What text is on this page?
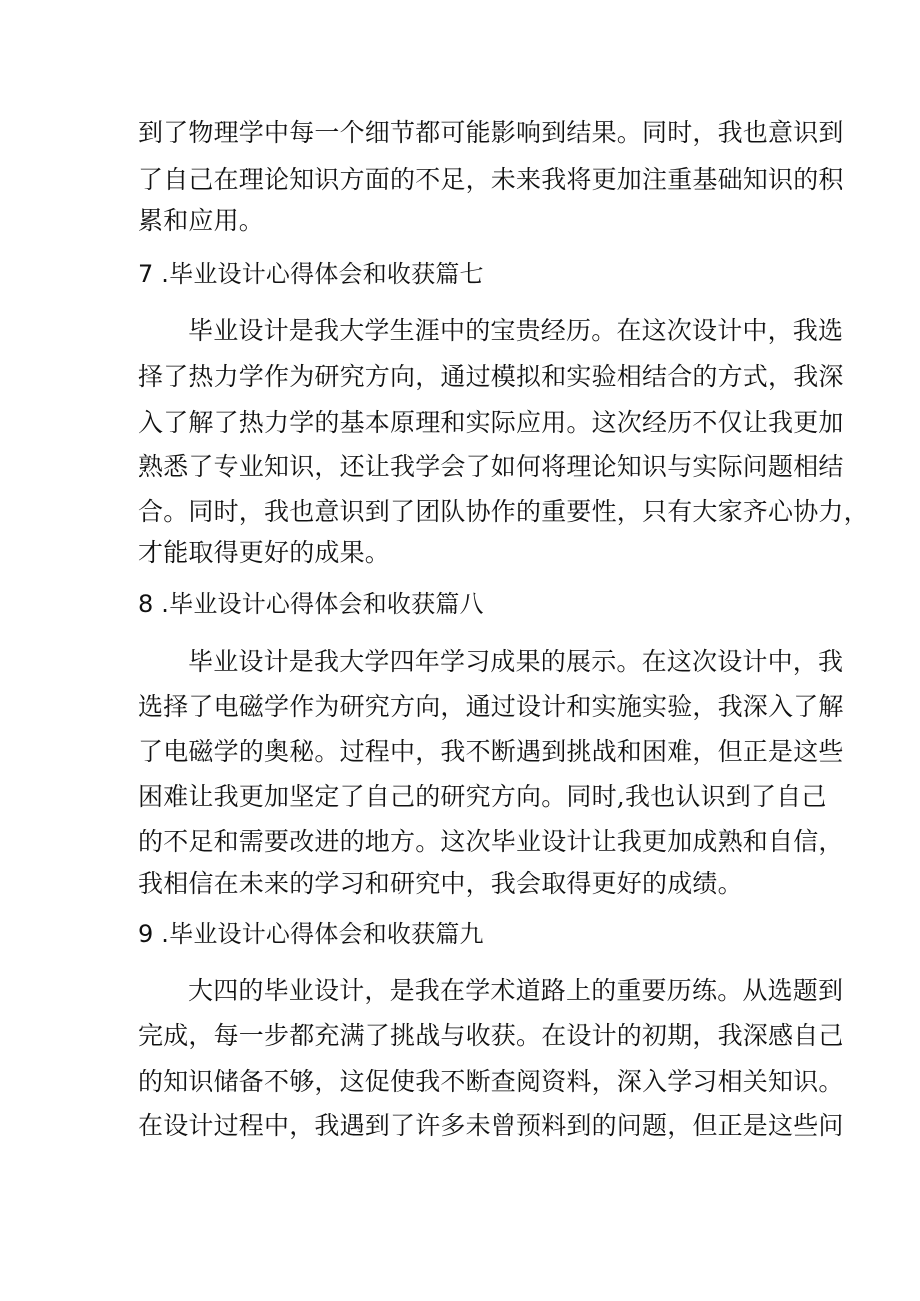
到了物理学中每一个细节都可能影响到结果。同时，我也意识到
了自己在理论知识方面的不足，未来我将更加注重基础知识的积
累和应用。
7 .毕业设计心得体会和收获篇七
毕业设计是我大学生涯中的宝贵经历。在这次设计中，我选
择了热力学作为研究方向，通过模拟和实验相结合的方式，我深
入了解了热力学的基本原理和实际应用。这次经历不仅让我更加
熟悉了专业知识，还让我学会了如何将理论知识与实际问题相结
合。同时，我也意识到了团队协作的重要性，只有大家齐心协力，
才能取得更好的成果。
8 .毕业设计心得体会和收获篇八
毕业设计是我大学四年学习成果的展示。在这次设计中，我
选择了电磁学作为研究方向，通过设计和实施实验，我深入了解
了电磁学的奥秘。过程中，我不断遇到挑战和困难，但正是这些
困难让我更加坚定了自己的研究方向。同时,我也认识到了自己
的不足和需要改进的地方。这次毕业设计让我更加成熟和自信，
我相信在未来的学习和研究中，我会取得更好的成绩。
9 .毕业设计心得体会和收获篇九
大四的毕业设计，是我在学术道路上的重要历练。从选题到
完成，每一步都充满了挑战与收获。在设计的初期，我深感自己
的知识储备不够，这促使我不断查阅资料，深入学习相关知识。
在设计过程中，我遇到了许多未曾预料到的问题，但正是这些问
